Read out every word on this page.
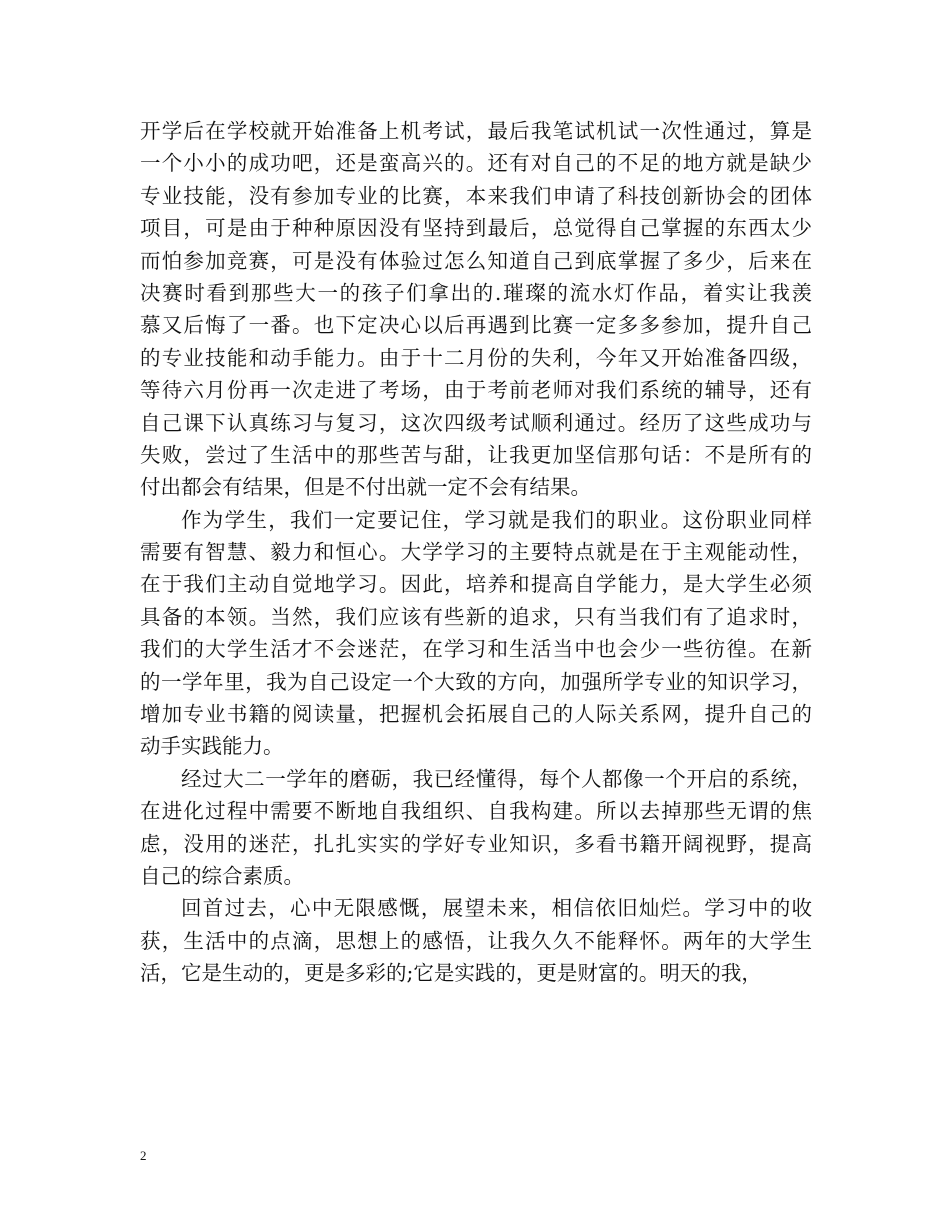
开学后在学校就开始准备上机考试，最后我笔试机试一次性通过，算是
一个小小的成功吧，还是蛮高兴的。还有对自己的不足的地方就是缺少
专业技能，没有参加专业的比赛，本来我们申请了科技创新协会的团体
项目，可是由于种种原因没有坚持到最后，总觉得自己掌握的东西太少
而怕参加竞赛，可是没有体验过怎么知道自己到底掌握了多少，后来在
决赛时看到那些大一的孩子们拿出的.璀璨的流水灯作品，着实让我羡
慕又后悔了一番。也下定决心以后再遇到比赛一定多多参加，提升自己
的专业技能和动手能力。由于十二月份的失利，今年又开始准备四级，
等待六月份再一次走进了考场，由于考前老师对我们系统的辅导，还有
自己课下认真练习与复习，这次四级考试顺利通过。经历了这些成功与
失败，尝过了生活中的那些苦与甜，让我更加坚信那句话：不是所有的
付出都会有结果，但是不付出就一定不会有结果。
作为学生，我们一定要记住，学习就是我们的职业。这份职业同样
需要有智慧、毅力和恒心。大学学习的主要特点就是在于主观能动性，
在于我们主动自觉地学习。因此，培养和提高自学能力，是大学生必须
具备的本领。当然，我们应该有些新的追求，只有当我们有了追求时，
我们的大学生活才不会迷茫，在学习和生活当中也会少一些彷徨。在新
的一学年里，我为自己设定一个大致的方向，加强所学专业的知识学习，
增加专业书籍的阅读量，把握机会拓展自己的人际关系网，提升自己的
动手实践能力。
经过大二一学年的磨砺，我已经懂得，每个人都像一个开启的系统，
在进化过程中需要不断地自我组织、自我构建。所以去掉那些无谓的焦
虑，没用的迷茫，扎扎实实的学好专业知识，多看书籍开阔视野，提高
自己的综合素质。
回首过去，心中无限感慨，展望未来，相信依旧灿烂。学习中的收
获，生活中的点滴，思想上的感悟，让我久久不能释怀。两年的大学生
活，它是生动的，更是多彩的;它是实践的，更是财富的。明天的我，
2
